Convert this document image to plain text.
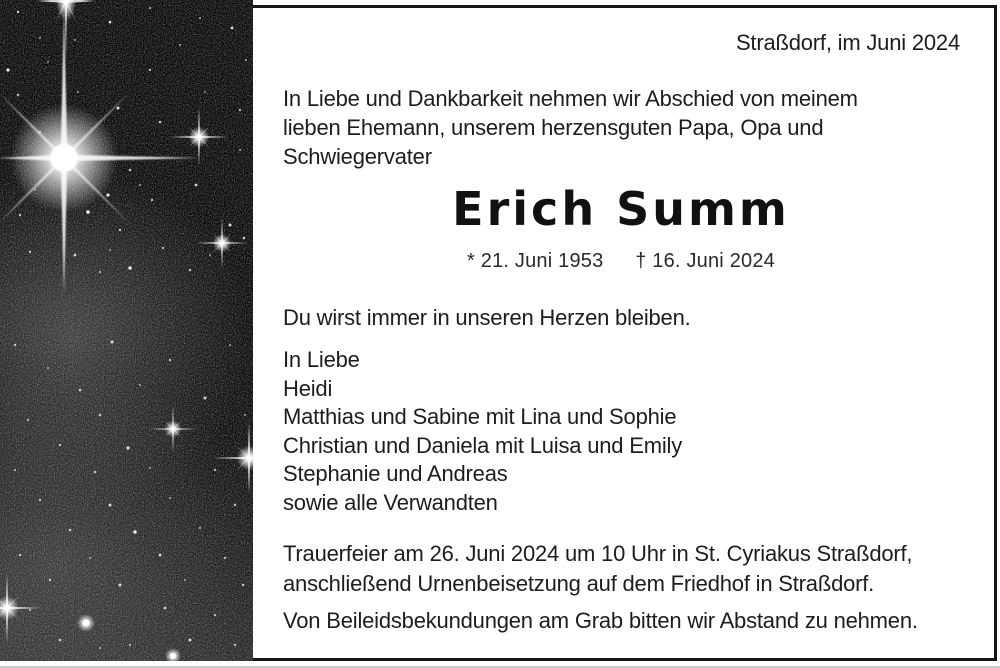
Straßdorf, im Juni 2024
In Liebe und Dankbarkeit nehmen wir Abschied von meinem
lieben Ehemann, unserem herzensguten Papa, Opa und
Schwiegervater
Erich Summ
* 21. Juni 1953 † 16. Juni 2024
Du wirst immer in unseren Herzen bleiben.
In Liebe
Heidi
Matthias und Sabine mit Lina und Sophie
Christian und Daniela mit Luisa und Emily
Stephanie und Andreas
sowie alle Verwandten
Trauerfeier am 26. Juni 2024 um 10 Uhr in St. Cyriakus Straßdorf,
anschließend Urnenbeisetzung auf dem Friedhof in Straßdorf.
Von Beileidsbekundungen am Grab bitten wir Abstand zu nehmen.
